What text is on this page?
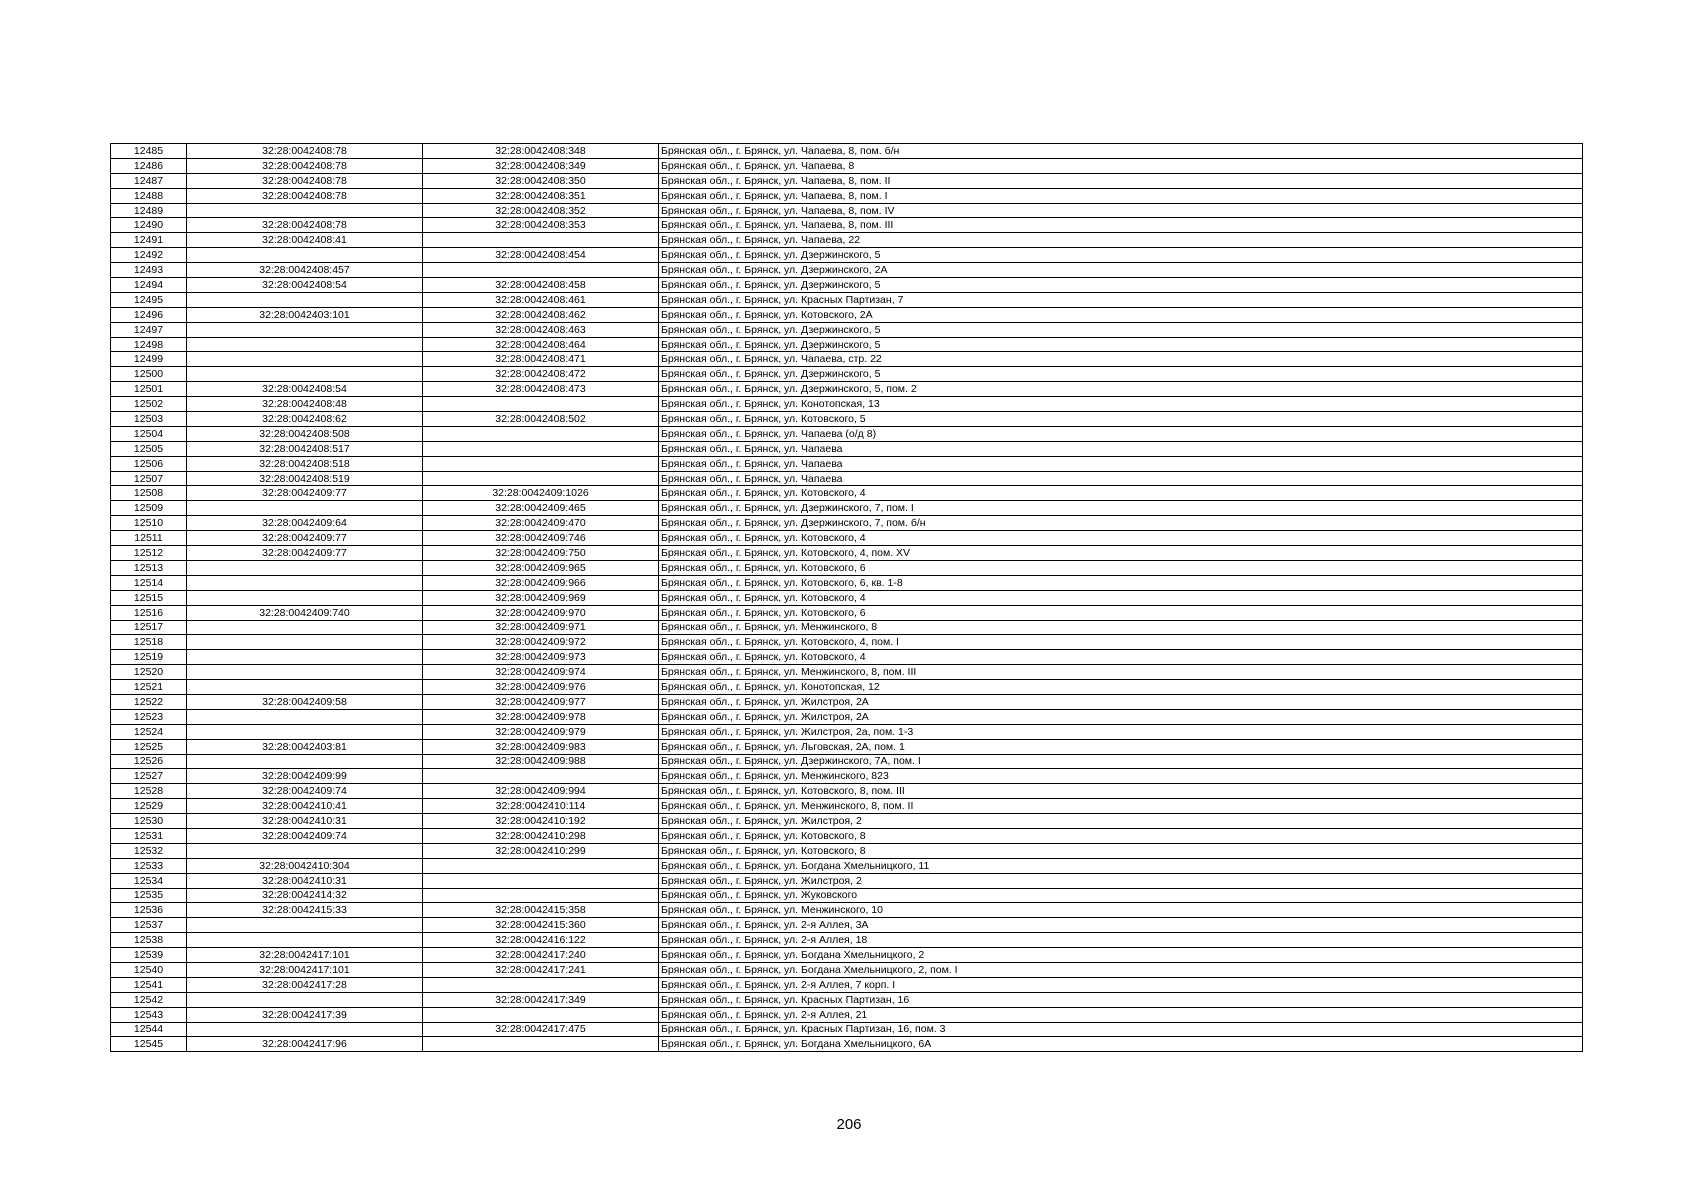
12485	32:28:0042408:78	32:28:0042408:348	Брянская обл., г. Брянск, ул. Чапаева, 8, пом. б/н
12486	32:28:0042408:78	32:28:0042408:349	Брянская обл., г. Брянск, ул. Чапаева, 8
12487	32:28:0042408:78	32:28:0042408:350	Брянская обл., г. Брянск, ул. Чапаева, 8, пом. II
12488	32:28:0042408:78	32:28:0042408:351	Брянская обл., г. Брянск, ул. Чапаева, 8, пом. I
12489		32:28:0042408:352	Брянская обл., г. Брянск, ул. Чапаева, 8, пом. IV
12490	32:28:0042408:78	32:28:0042408:353	Брянская обл., г. Брянск, ул. Чапаева, 8, пом. III
12491	32:28:0042408:41		Брянская обл., г. Брянск, ул. Чапаева, 22
12492		32:28:0042408:454	Брянская обл., г. Брянск, ул. Дзержинского, 5
12493	32:28:0042408:457		Брянская обл., г. Брянск, ул. Дзержинского, 2А
12494	32:28:0042408:54	32:28:0042408:458	Брянская обл., г. Брянск, ул. Дзержинского, 5
12495		32:28:0042408:461	Брянская обл., г. Брянск, ул. Красных Партизан, 7
12496	32:28:0042403:101	32:28:0042408:462	Брянская обл., г. Брянск, ул. Котовского, 2А
12497		32:28:0042408:463	Брянская обл., г. Брянск, ул. Дзержинского, 5
12498		32:28:0042408:464	Брянская обл., г. Брянск, ул. Дзержинского, 5
12499		32:28:0042408:471	Брянская обл., г. Брянск, ул. Чапаева, стр. 22
12500		32:28:0042408:472	Брянская обл., г. Брянск, ул. Дзержинского, 5
12501	32:28:0042408:54	32:28:0042408:473	Брянская обл., г. Брянск, ул. Дзержинского, 5, пом. 2
12502	32:28:0042408:48		Брянская обл., г. Брянск, ул. Конотопская, 13
12503	32:28:0042408:62	32:28:0042408:502	Брянская обл., г. Брянск, ул. Котовского, 5
12504	32:28:0042408:508		Брянская обл., г. Брянск, ул. Чапаева (о/д 8)
12505	32:28:0042408:517		Брянская обл., г. Брянск, ул. Чапаева
12506	32:28:0042408:518		Брянская обл., г. Брянск, ул. Чапаева
12507	32:28:0042408:519		Брянская обл., г. Брянск, ул. Чапаева
12508	32:28:0042409:77	32:28:0042409:1026	Брянская обл., г. Брянск, ул. Котовского, 4
12509		32:28:0042409:465	Брянская обл., г. Брянск, ул. Дзержинского, 7, пом. I
12510	32:28:0042409:64	32:28:0042409:470	Брянская обл., г. Брянск, ул. Дзержинского, 7, пом. б/н
12511	32:28:0042409:77	32:28:0042409:746	Брянская обл., г. Брянск, ул. Котовского, 4
12512	32:28:0042409:77	32:28:0042409:750	Брянская обл., г. Брянск, ул. Котовского, 4, пом. XV
12513		32:28:0042409:965	Брянская обл., г. Брянск, ул. Котовского, 6
12514		32:28:0042409:966	Брянская обл., г. Брянск, ул. Котовского, 6, кв. 1-8
12515		32:28:0042409:969	Брянская обл., г. Брянск, ул. Котовского, 4
12516	32:28:0042409:740	32:28:0042409:970	Брянская обл., г. Брянск, ул. Котовского, 6
12517		32:28:0042409:971	Брянская обл., г. Брянск, ул. Менжинского, 8
12518		32:28:0042409:972	Брянская обл., г. Брянск, ул. Котовского, 4, пом. I
12519		32:28:0042409:973	Брянская обл., г. Брянск, ул. Котовского, 4
12520		32:28:0042409:974	Брянская обл., г. Брянск, ул. Менжинского, 8, пом. III
12521		32:28:0042409:976	Брянская обл., г. Брянск, ул. Конотопская, 12
12522	32:28:0042409:58	32:28:0042409:977	Брянская обл., г. Брянск, ул. Жилстроя, 2А
12523		32:28:0042409:978	Брянская обл., г. Брянск, ул. Жилстроя, 2А
12524		32:28:0042409:979	Брянская обл., г. Брянск, ул. Жилстроя, 2а, пом. 1-3
12525	32:28:0042403:81	32:28:0042409:983	Брянская обл., г. Брянск, ул. Льговская, 2А, пом. 1
12526		32:28:0042409:988	Брянская обл., г. Брянск, ул. Дзержинского, 7А, пом. I
12527	32:28:0042409:99		Брянская обл., г. Брянск, ул. Менжинского, 823
12528	32:28:0042409:74	32:28:0042409:994	Брянская обл., г. Брянск, ул. Котовского, 8, пом. III
12529	32:28:0042410:41	32:28:0042410:114	Брянская обл., г. Брянск, ул. Менжинского, 8, пом. II
12530	32:28:0042410:31	32:28:0042410:192	Брянская обл., г. Брянск, ул. Жилстроя, 2
12531	32:28:0042409:74	32:28:0042410:298	Брянская обл., г. Брянск, ул. Котовского, 8
12532		32:28:0042410:299	Брянская обл., г. Брянск, ул. Котовского, 8
12533	32:28:0042410:304		Брянская обл., г. Брянск, ул. Богдана Хмельницкого, 11
12534	32:28:0042410:31		Брянская обл., г. Брянск, ул. Жилстроя, 2
12535	32:28:0042414:32		Брянская обл., г. Брянск, ул. Жуковского
12536	32:28:0042415:33	32:28:0042415:358	Брянская обл., г. Брянск, ул. Менжинского, 10
12537		32:28:0042415:360	Брянская обл., г. Брянск, ул. 2-я Аллея, 3А
12538		32:28:0042416:122	Брянская обл., г. Брянск, ул. 2-я Аллея, 18
12539	32:28:0042417:101	32:28:0042417:240	Брянская обл., г. Брянск, ул. Богдана Хмельницкого, 2
12540	32:28:0042417:101	32:28:0042417:241	Брянская обл., г. Брянск, ул. Богдана Хмельницкого, 2, пом. I
12541	32:28:0042417:28		Брянская обл., г. Брянск, ул. 2-я Аллея, 7 корп. I
12542		32:28:0042417:349	Брянская обл., г. Брянск, ул. Красных Партизан, 16
12543	32:28:0042417:39		Брянская обл., г. Брянск, ул. 2-я Аллея, 21
12544		32:28:0042417:475	Брянская обл., г. Брянск, ул. Красных Партизан, 16, пом. 3
12545	32:28:0042417:96		Брянская обл., г. Брянск, ул. Богдана Хмельницкого, 6А
206
